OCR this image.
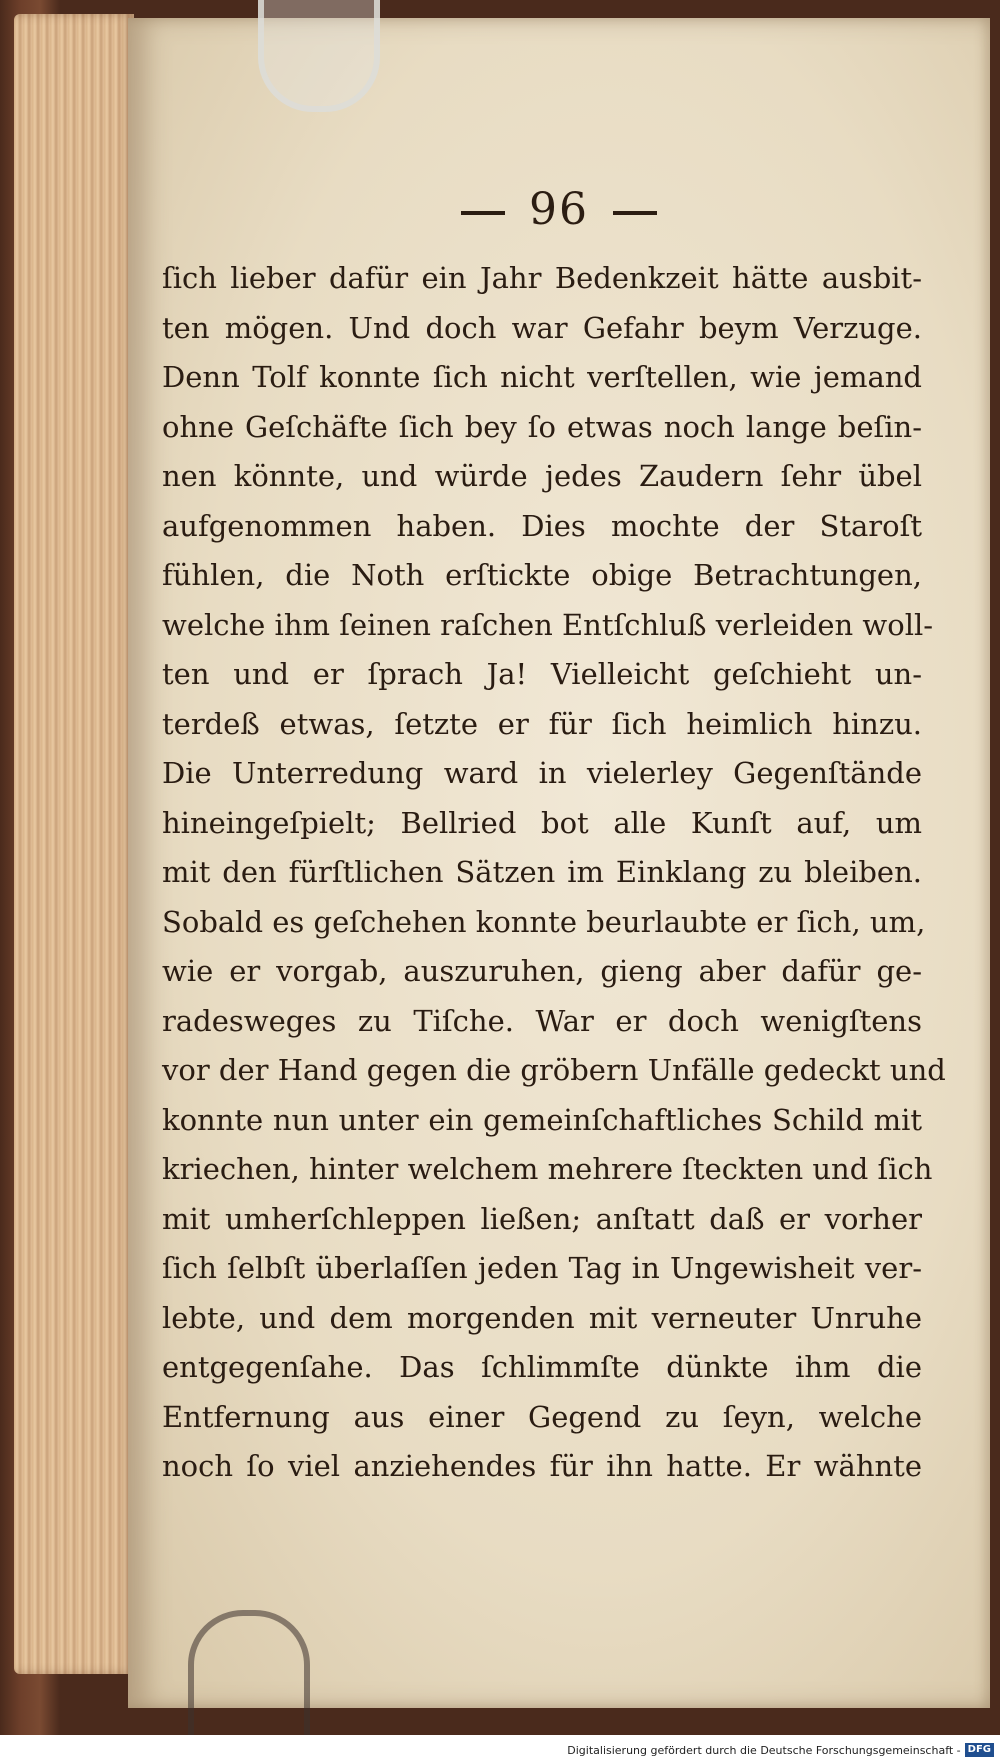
96
ſich lieber dafür ein Jahr Bedenkzeit hätte ausbit-
ten mögen. Und doch war Gefahr beym Verzuge.
Denn Tolf konnte ſich nicht verſtellen, wie jemand
ohne Geſchäfte ſich bey ſo etwas noch lange beſin-
nen könnte, und würde jedes Zaudern ſehr übel
aufgenommen haben. Dies mochte der Staroſt
fühlen, die Noth erſtickte obige Betrachtungen,
welche ihm ſeinen raſchen Entſchluß verleiden woll-
ten und er ſprach Ja! Vielleicht geſchieht un-
terdeß etwas, ſetzte er für ſich heimlich hinzu.
Die Unterredung ward in vielerley Gegenſtände
hineingeſpielt; Bellried bot alle Kunſt auf, um
mit den fürſtlichen Sätzen im Einklang zu bleiben.
Sobald es geſchehen konnte beurlaubte er ſich, um,
wie er vorgab, auszuruhen, gieng aber dafür ge-
radesweges zu Tiſche. War er doch wenigſtens
vor der Hand gegen die gröbern Unfälle gedeckt und
konnte nun unter ein gemeinſchaftliches Schild mit
kriechen, hinter welchem mehrere ſteckten und ſich
mit umherſchleppen ließen; anſtatt daß er vorher
ſich ſelbſt überlaſſen jeden Tag in Ungewisheit ver-
lebte, und dem morgenden mit verneuter Unruhe
entgegenſahe. Das ſchlimmſte dünkte ihm die
Entfernung aus einer Gegend zu ſeyn, welche
noch ſo viel anziehendes für ihn hatte. Er wähnte
Digitalisierung gefördert durch die Deutsche Forschungsgemeinschaft - DFG
